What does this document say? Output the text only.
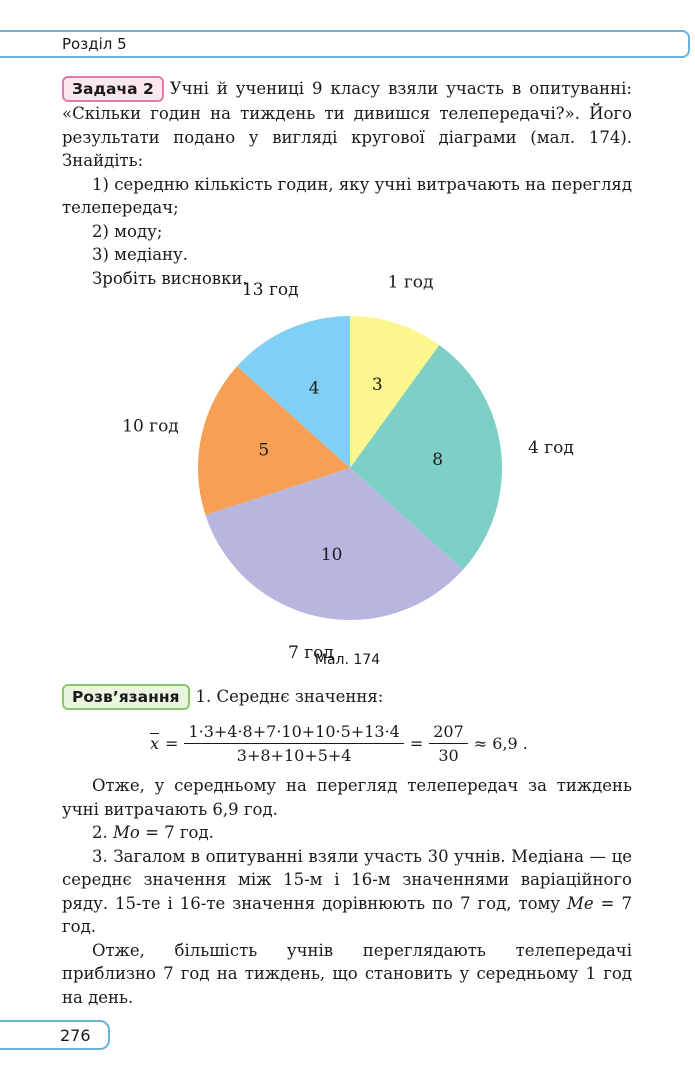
Розділ 5
Задача 2 Учні й учениці 9 класу взяли участь в опитуванні: «Скільки годин на тиждень ти дивишся телепередачі?». Його результати подано у вигляді кругової діаграми (мал. 174). Знайдіть:
1) середню кількість годин, яку учні витрачають на перегляд телепередач;
2) моду;
3) медіану.
Зробіть висновки.
3
1 год
8
4 год
10
7 год
5
10 год
4
13 год
Мал. 174
Розв’язання 1. Середнє значення:
$\overline{x} = \frac{1\cdot 3+4\cdot 8+7\cdot 10+10\cdot 5+13\cdot 4}{3+8+10+5+4} = \frac{207}{30} \approx 6,9$ .
Отже, у середньому на перегляд телепередач за тиждень учні витрачають 6,9 год.
2. Mo = 7 год.
3. Загалом в опитуванні взяли участь 30 учнів. Медіана — це середнє значення між 15-м і 16-м значеннями варіаційного ряду. 15-те і 16-те значення дорівнюють по 7 год, тому Me = 7 год.
Отже, більшість учнів переглядають телепередачі приблизно 7 год на тиждень, що становить у середньому 1 год на день.
276
